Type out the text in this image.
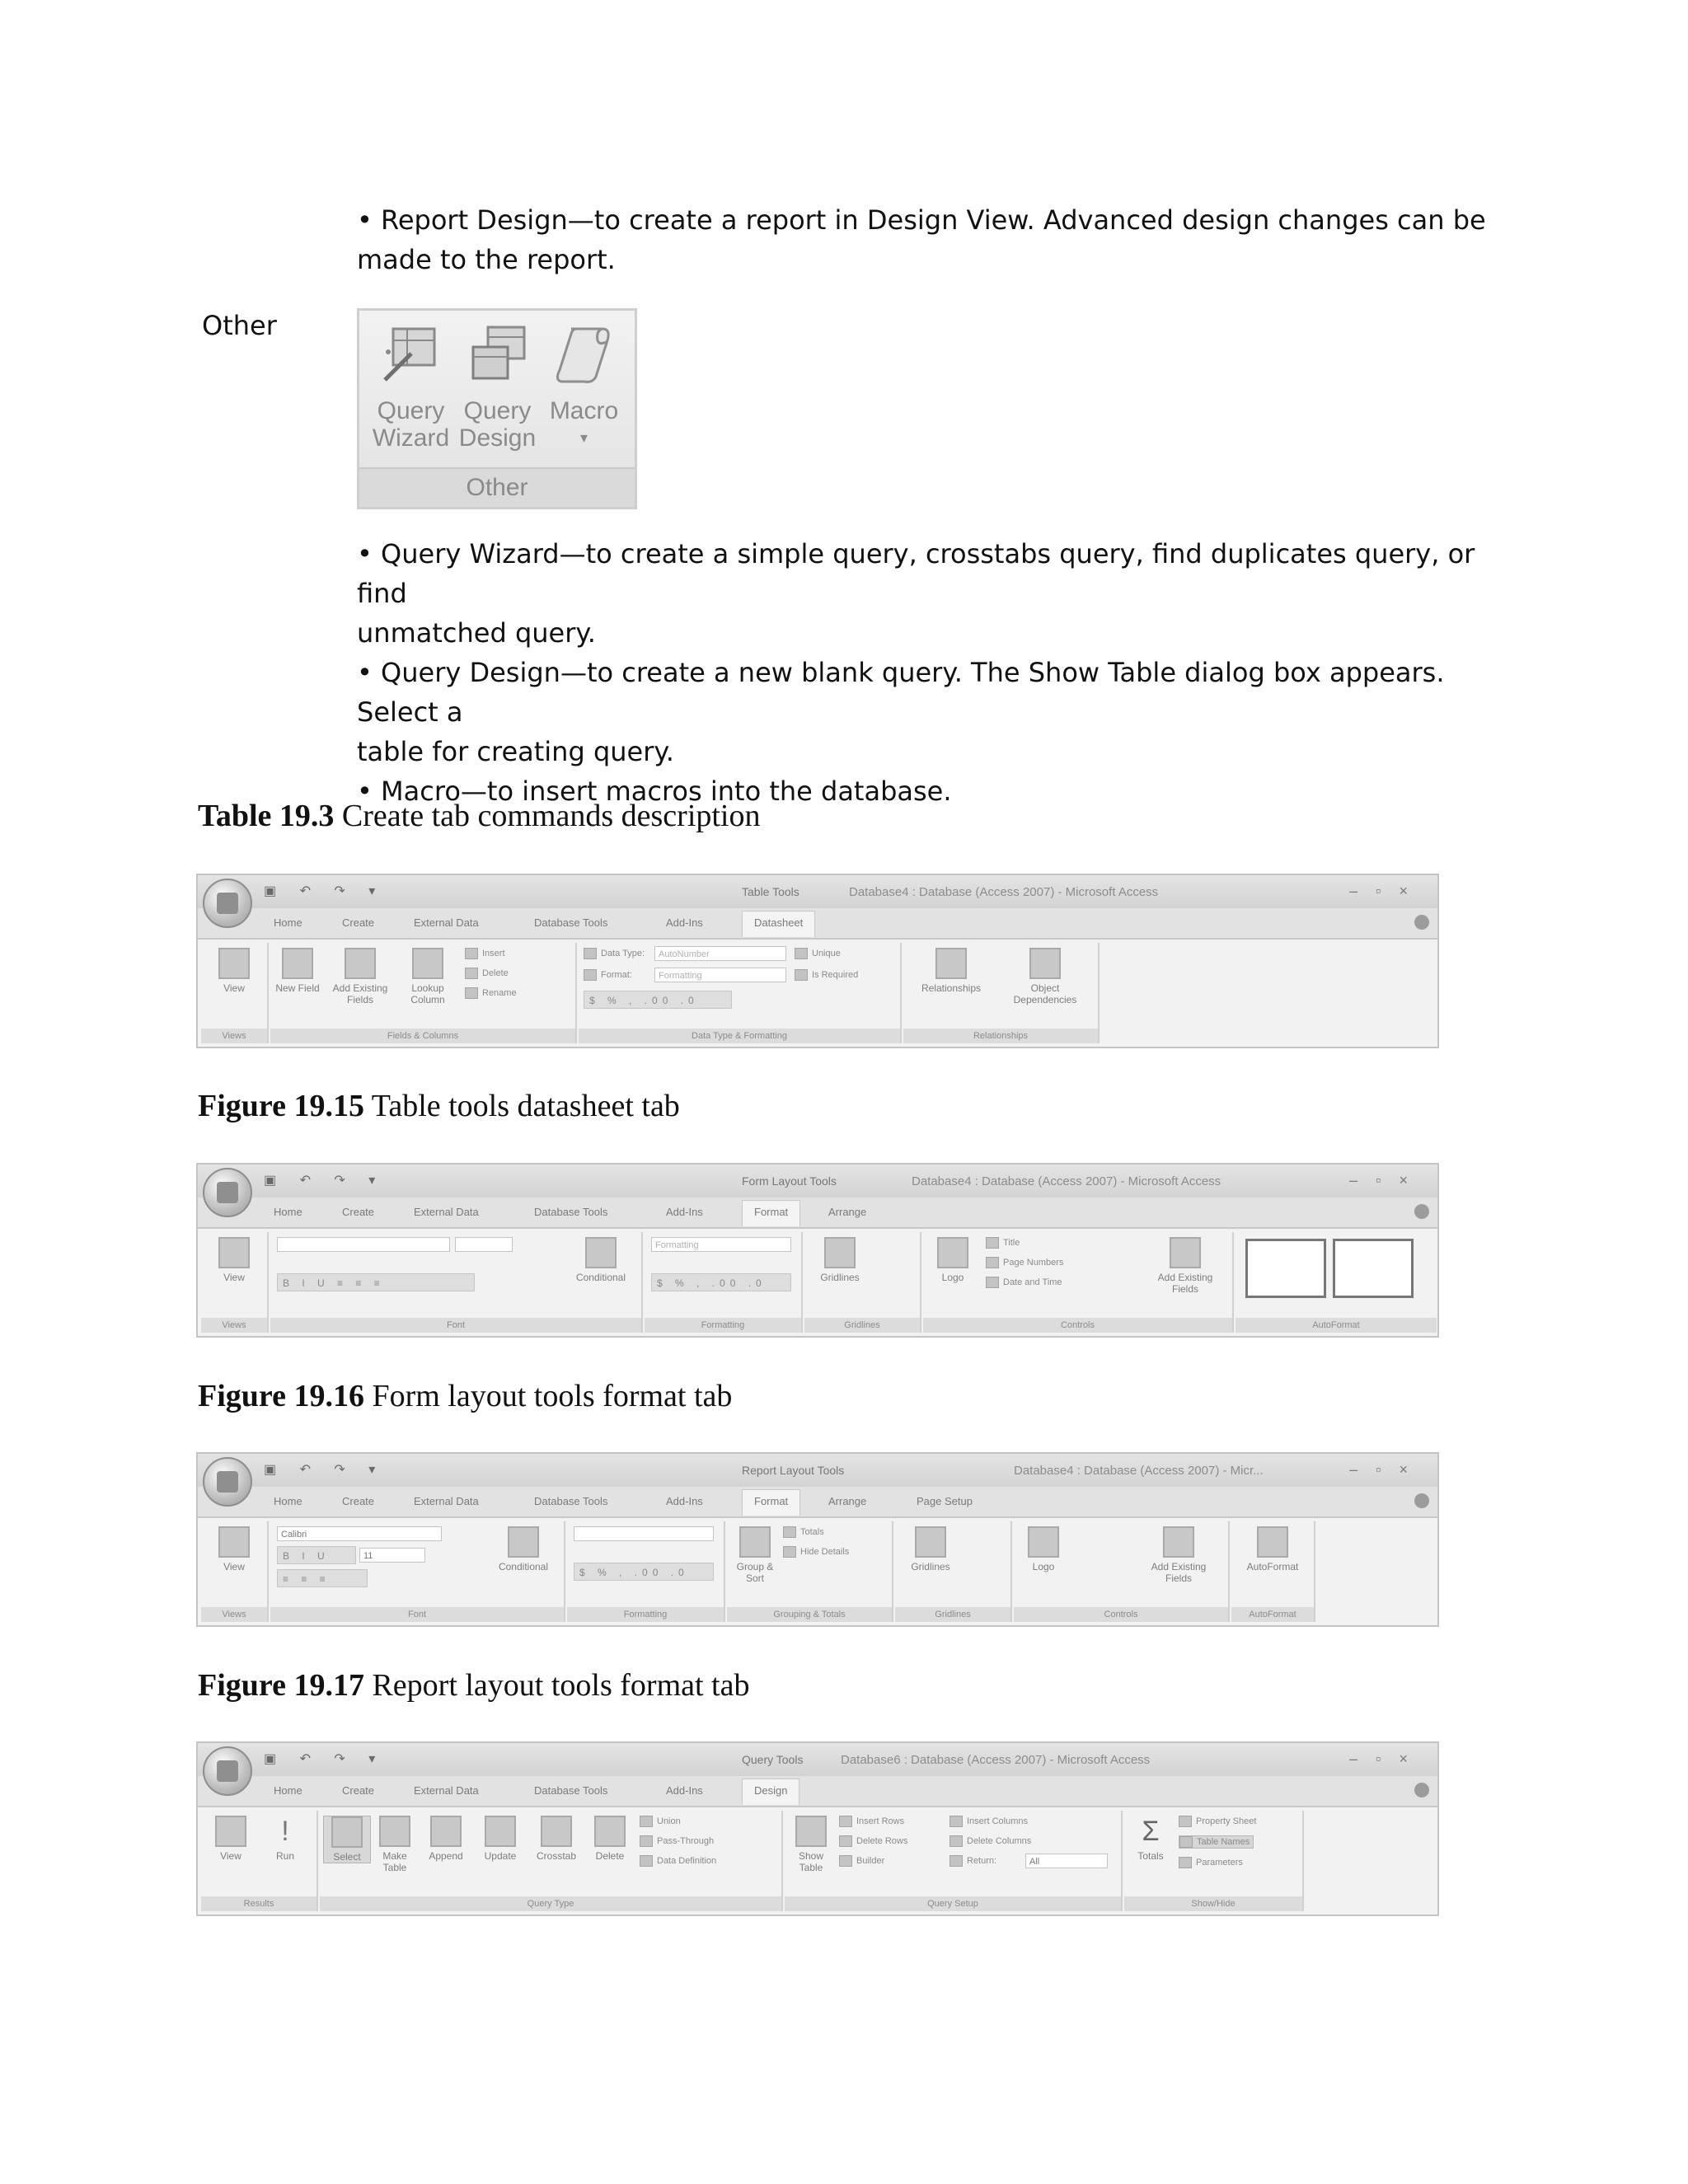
• Report Design—to create a report in Design View. Advanced design changes can be
made to the report.
Other
Query
Wizard
Query
Design
Macro
▾
Other
• Query Wizard—to create a simple query, crosstabs query, find duplicates query, or find
unmatched query.
• Query Design—to create a new blank query. The Show Table dialog box appears. Select a
table for creating query.
• Macro—to insert macros into the database.
Table 19.3 Create tab commands description
Figure 19.15 Table tools datasheet tab
Figure 19.16 Form layout tools format tab
Figure 19.17 Report layout tools format tab
▣ ↶ ↷ ▾	Table Tools	Database4 : Database (Access 2007) - Microsoft Access	–▫×
Home	Create	External Data	Database Tools	Add-Ins	Datasheet
View
Views
New Field	Add Existing Fields
Lookup Column
Insert
Delete
Rename
Fields & Columns
Data Type:	AutoNumber
Format:	Formatting
$ % , .00 .0
Unique
Is Required
Data Type & Formatting
Relationships	Object Dependencies
Relationships
▣ ↶ ↷ ▾	Form Layout Tools	Database4 : Database (Access 2007) - Microsoft Access	–▫×
Home	Create	External Data	Database Tools	Add-Ins	Format	Arrange
View
Views
B I U ≡ ≡ ≡	Conditional
Font
Formatting
$ % , .00 .0
Formatting
Gridlines
Gridlines
Logo
Title
Page Numbers
Date and Time	Add Existing Fields
Controls	AutoFormat
▣ ↶ ↷ ▾	Report Layout Tools	Database4 : Database (Access 2007) - Micr...	–▫×
Home	Create	External Data	Database Tools	Add-Ins	Format	Arrange	Page Setup
View
Views
Calibri
B I U	11
≡ ≡ ≡
Conditional
Font
$ % , .00 .0
Formatting
Group & Sort
Totals
Hide Details
Grouping & Totals
Gridlines
Gridlines
Logo	Add Existing Fields
Controls
AutoFormat
AutoFormat
▣ ↶ ↷ ▾	Query Tools	Database6 : Database (Access 2007) - Microsoft Access	–▫×
Home	Create	External Data	Database Tools	Add-Ins	Design
View
!
Run
Results
Select	Make Table
Append	Update	Crosstab	Delete
Union
Pass-Through
Data Definition
Query Type
Show Table
Insert Rows
Delete Rows
Builder
Insert Columns
Delete Columns
Return:	All
Query Setup
Σ
Totals
Property Sheet
Table Names
Parameters
Show/Hide
